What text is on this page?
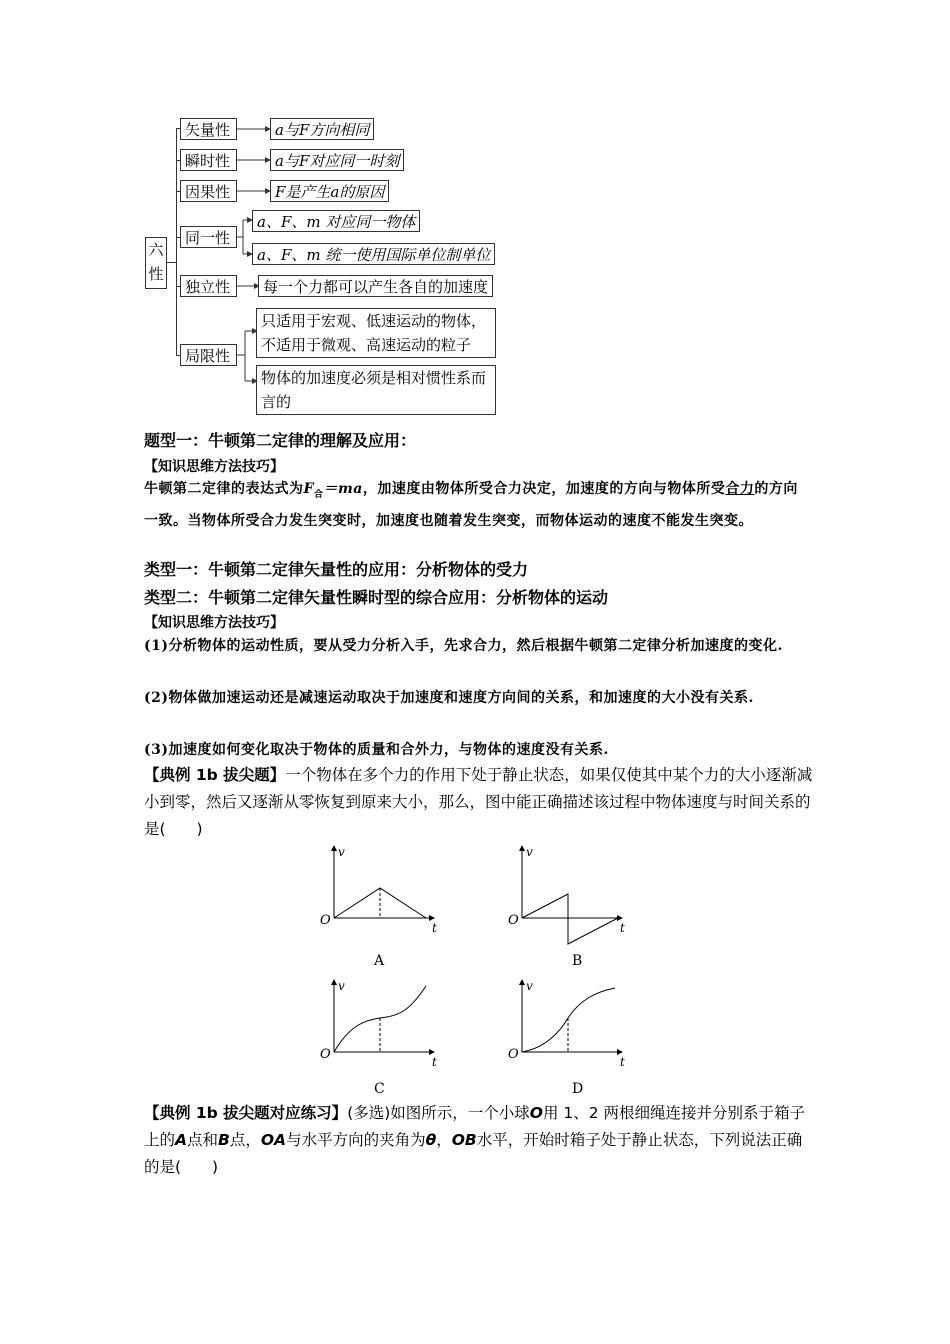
六性
矢量性
瞬时性
因果性
同一性
独立性
局限性
a与F方向相同
a与F对应同一时刻
F是产生a的原因
a、F、m 对应同一物体
a、F、m 统一使用国际单位制单位
每一个力都可以产生各自的加速度
只适用于宏观、低速运动的物体，不适用于微观、高速运动的粒子
物体的加速度必须是相对惯性系而言的
题型一：牛顿第二定律的理解及应用：
【知识思维方法技巧】
牛顿第二定律的表达式为$F_合=ma$，加速度由物体所受合力决定，加速度的方向与物体所受合力的方向一致。当物体所受合力发生突变时，加速度也随着发生突变，而物体运动的速度不能发生突变。
类型一：牛顿第二定律矢量性的应用：分析物体的受力
类型二：牛顿第二定律矢量性瞬时型的综合应用：分析物体的运动
【知识思维方法技巧】
(1)分析物体的运动性质，要从受力分析入手，先求合力，然后根据牛顿第二定律分析加速度的变化.
(2)物体做加速运动还是减速运动取决于加速度和速度方向间的关系，和加速度的大小没有关系.
(3)加速度如何变化取决于物体的质量和合外力，与物体的速度没有关系.
【典例 1b 拔尖题】一个物体在多个力的作用下处于静止状态，如果仅使其中某个力的大小逐渐减小到零，然后又逐渐从零恢复到原来大小，那么，图中能正确描述该过程中物体速度与时间关系的是(　　)
v
t
O
A
v
t
O
B
v
t
O
C
v
t
O
D
【典例 1b 拔尖题对应练习】(多选)如图所示，一个小球O用 1、2 两根细绳连接并分别系于箱子上的A点和B点，OA与水平方向的夹角为θ，OB水平，开始时箱子处于静止状态，下列说法正确的是(　　)
